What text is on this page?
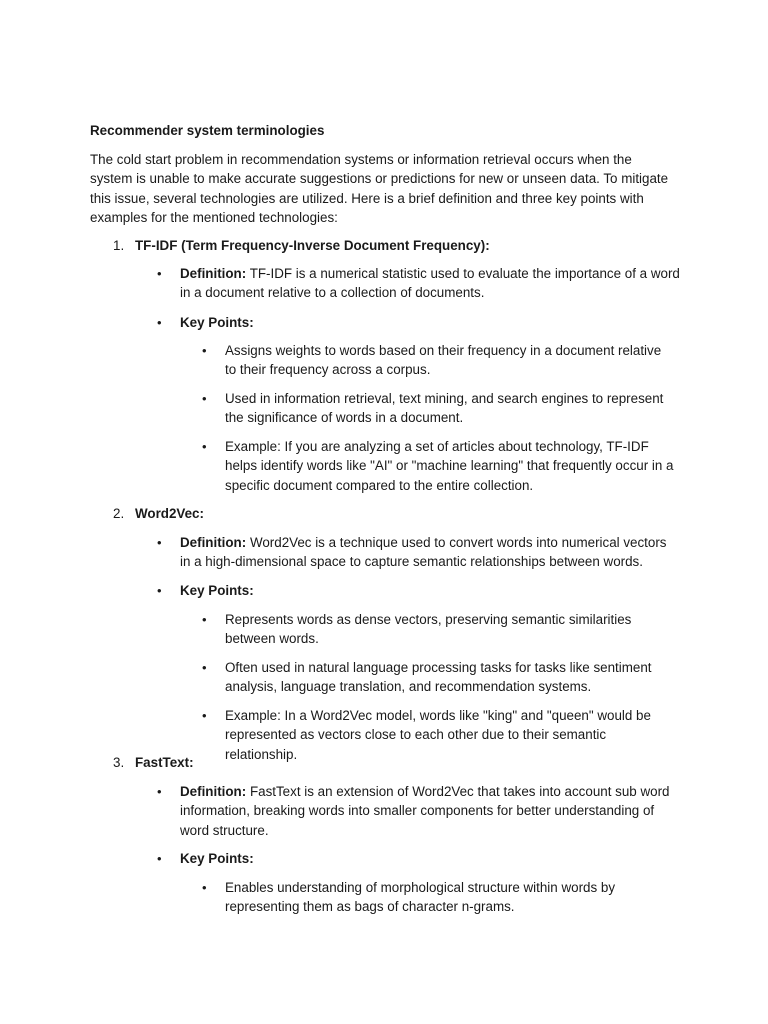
Recommender system terminologies
The cold start problem in recommendation systems or information retrieval occurs when the system is unable to make accurate suggestions or predictions for new or unseen data. To mitigate this issue, several technologies are utilized. Here is a brief definition and three key points with examples for the mentioned technologies:
1. TF-IDF (Term Frequency-Inverse Document Frequency):
• Definition: TF-IDF is a numerical statistic used to evaluate the importance of a word in a document relative to a collection of documents.
• Key Points:
• Assigns weights to words based on their frequency in a document relative to their frequency across a corpus.
• Used in information retrieval, text mining, and search engines to represent the significance of words in a document.
• Example: If you are analyzing a set of articles about technology, TF-IDF helps identify words like "AI" or "machine learning" that frequently occur in a specific document compared to the entire collection.
2. Word2Vec:
• Definition: Word2Vec is a technique used to convert words into numerical vectors in a high-dimensional space to capture semantic relationships between words.
• Key Points:
• Represents words as dense vectors, preserving semantic similarities between words.
• Often used in natural language processing tasks for tasks like sentiment analysis, language translation, and recommendation systems.
• Example: In a Word2Vec model, words like "king" and "queen" would be represented as vectors close to each other due to their semantic relationship.
3. FastText:
• Definition: FastText is an extension of Word2Vec that takes into account sub word information, breaking words into smaller components for better understanding of word structure.
• Key Points:
• Enables understanding of morphological structure within words by representing them as bags of character n-grams.
